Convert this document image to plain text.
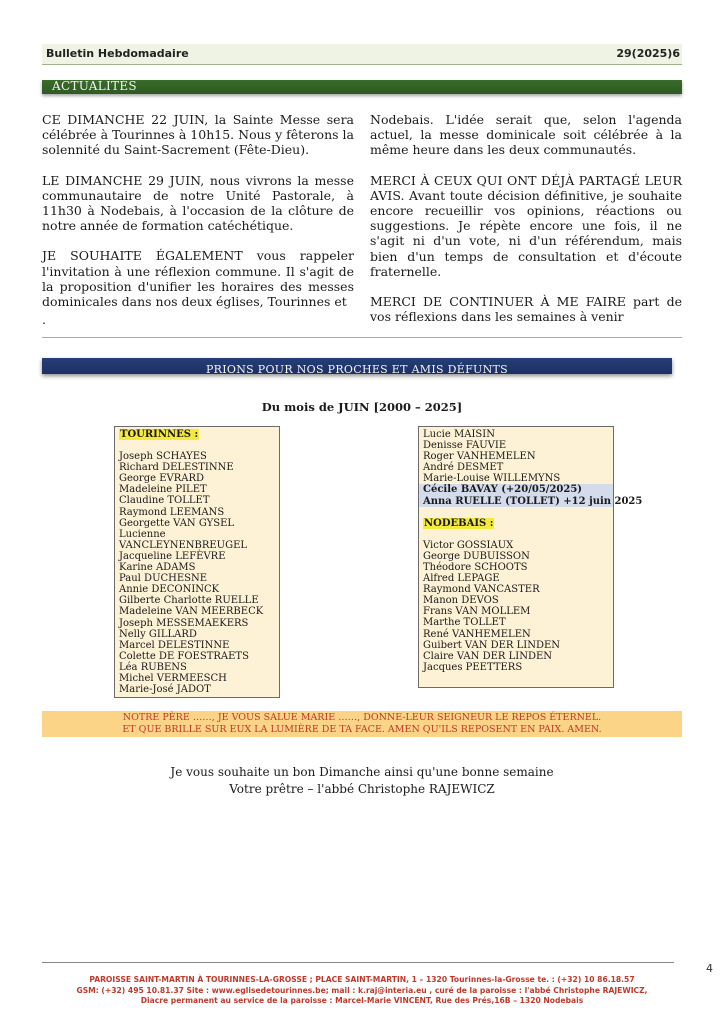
Bulletin Hebdomadaire	29(2025)6
ACTUALITÉS

CE DIMANCHE 22 JUIN, la Sainte Messe sera célébrée à Tourinnes à 10h15. Nous y fêterons la solennité du Saint-Sacrement (Fête-Dieu).

LE DIMANCHE 29 JUIN, nous vivrons la messe communautaire de notre Unité Pastorale, à 11h30 à Nodebais, à l'occasion de la clôture de notre année de formation catéchétique.

JE SOUHAITE ÉGALEMENT vous rappeler l'invitation à une réflexion commune. Il s'agit de la proposition d'unifier les horaires des messes dominicales dans nos deux églises, Tourinnes et

.

Nodebais. L'idée serait que, selon l'agenda actuel, la messe dominicale soit célébrée à la même heure dans les deux communautés.

MERCI À CEUX QUI ONT DÉJÀ PARTAGÉ LEUR AVIS. Avant toute décision définitive, je souhaite encore recueillir vos opinions, réactions ou suggestions. Je répète encore une fois, il ne s'agit ni d'un vote, ni d'un référendum, mais bien d'un temps de consultation et d'écoute fraternelle.

MERCI DE CONTINUER À ME FAIRE part de vos réflexions dans les semaines à venir

PRIONS POUR NOS PROCHES ET AMIS DÉFUNTS
Du mois de JUIN [2000 – 2025]
TOURINNES :
Joseph SCHAYES
Richard DELESTINNE
George EVRARD
Madeleine PILET
Claudine TOLLET
Raymond LEEMANS
Georgette VAN GYSEL
Lucienne
VANCLEYNENBREUGEL
Jacqueline LEFÈVRE
Karine ADAMS
Paul DUCHESNE
Annie DECONINCK
Gilberte Charlotte RUELLE
Madeleine VAN MEERBECK
Joseph MESSEMAEKERS
Nelly GILLARD
Marcel DELESTINNE
Colette DE FOESTRAETS
Léa RUBENS
Michel VERMEESCH
Marie-José JADOT
Lucie MAISIN
Denisse FAUVIE
Roger VANHEMELEN
André DESMET
Marie-Louise WILLEMYNS
Cécile BAVAY (+20/05/2025)
Anna RUELLE (TOLLET) +12 juin 2025
NODEBAIS :
Victor GOSSIAUX
George DUBUISSON
Théodore SCHOOTS
Alfred LEPAGE
Raymond VANCASTER
Manon DEVOS
Frans VAN MOLLEM
Marthe TOLLET
René VANHEMELEN
Guibert VAN DER LINDEN
Claire VAN DER LINDEN
Jacques PEETTERS
NOTRE PÈRE ……, JE VOUS SALUE MARIE ……, DONNE-LEUR SEIGNEUR LE REPOS ÉTERNEL.
ET QUE BRILLE SUR EUX LA LUMIÈRE DE TA FACE. AMEN QU'ILS REPOSENT EN PAIX. AMEN.
Je vous souhaite un bon Dimanche ainsi qu'une bonne semaine
Votre prêtre – l'abbé Christophe RAJEWICZ
4
PAROISSE SAINT-MARTIN À TOURINNES-LA-GROSSE ; PLACE SAINT-MARTIN, 1 – 1320 Tourinnes-la-Grosse te. : (+32) 10 86.18.57
GSM: (+32) 495 10.81.37 Site : www.eglisedetourinnes.be; mail : k.raj@interia.eu , curé de la paroisse : l'abbé Christophe RAJEWICZ,
Diacre permanent au service de la paroisse : Marcel-Marie VINCENT, Rue des Prés,16B – 1320 Nodebais
